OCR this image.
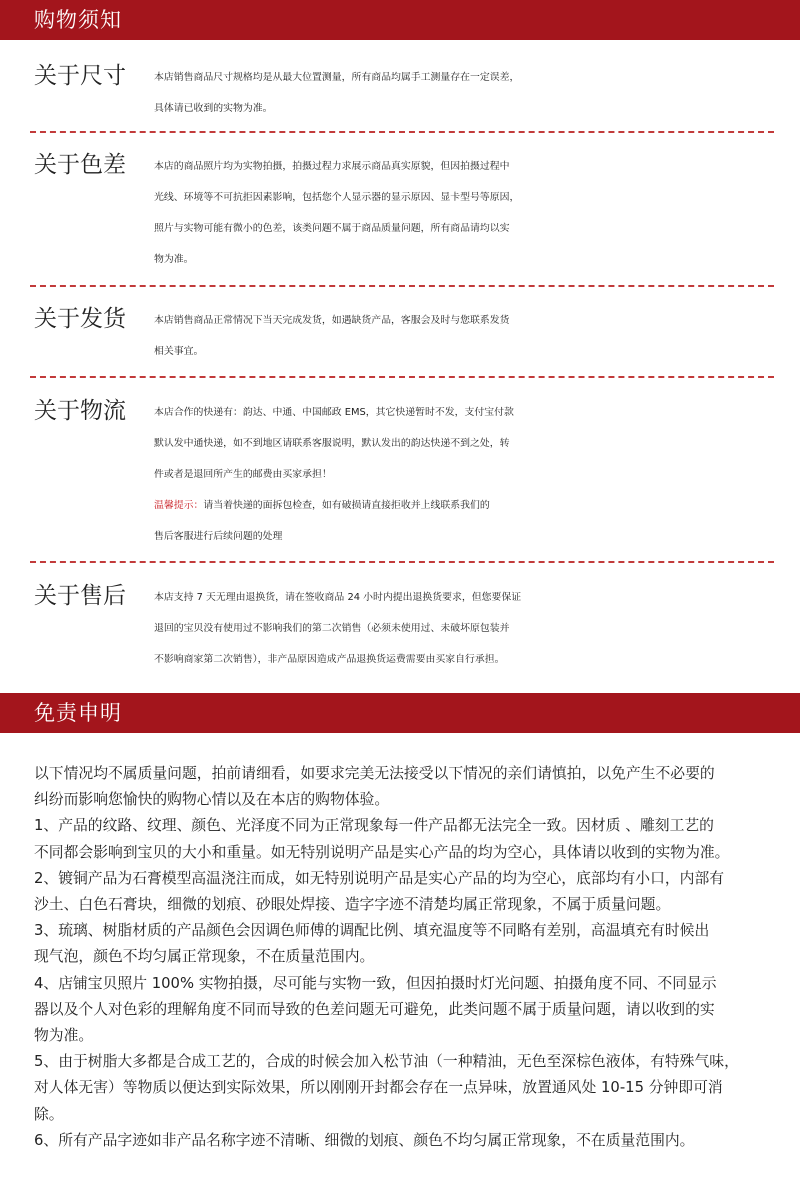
购物须知
关于尺寸	本店销售商品尺寸规格均是从最大位置测量，所有商品均属手工测量存在一定误差，

具体请已收到的实物为准。

关于色差	本店的商品照片均为实物拍摄，拍摄过程力求展示商品真实原貌，但因拍摄过程中

光线、环境等不可抗拒因素影响，包括您个人显示器的显示原因、显卡型号等原因，

照片与实物可能有微小的色差，该类问题不属于商品质量问题，所有商品请均以实

物为准。

关于发货	本店销售商品正常情况下当天完成发货，如遇缺货产品，客服会及时与您联系发货

相关事宜。

关于物流	本店合作的快递有：韵达、中通、中国邮政 EMS，其它快递暂时不发，支付宝付款

默认发中通快递，如不到地区请联系客服说明，默认发出的韵达快递不到之处，转

件或者是退回所产生的邮费由买家承担！

温馨提示：请当着快递的面拆包检查，如有破损请直接拒收并上线联系我们的

售后客服进行后续问题的处理

关于售后	本店支持 7 天无理由退换货，请在签收商品 24 小时内提出退换货要求，但您要保证

退回的宝贝没有使用过不影响我们的第二次销售（必须未使用过、未破坏原包装并

不影响商家第二次销售），非产品原因造成产品退换货运费需要由买家自行承担。

免责申明

以下情况均不属质量问题，拍前请细看，如要求完美无法接受以下情况的亲们请慎拍，以免产生不必要的

纠纷而影响您愉快的购物心情以及在本店的购物体验。

1、产品的纹路、纹理、颜色、光泽度不同为正常现象每一件产品都无法完全一致。因材质 、雕刻工艺的

不同都会影响到宝贝的大小和重量。如无特别说明产品是实心产品的均为空心，具体请以收到的实物为准。

2、镀铜产品为石膏模型高温浇注而成，如无特别说明产品是实心产品的均为空心，底部均有小口，内部有

沙土、白色石膏块，细微的划痕、砂眼处焊接、造字字迹不清楚均属正常现象，不属于质量问题。

3、琉璃、树脂材质的产品颜色会因调色师傅的调配比例、填充温度等不同略有差别，高温填充有时候出

现气泡，颜色不均匀属正常现象，不在质量范围内。

4、店铺宝贝照片 100% 实物拍摄，尽可能与实物一致，但因拍摄时灯光问题、拍摄角度不同、不同显示

器以及个人对色彩的理解角度不同而导致的色差问题无可避免，此类问题不属于质量问题，请以收到的实

物为准。

5、由于树脂大多都是合成工艺的，合成的时候会加入松节油（一种精油，无色至深棕色液体，有特殊气味，

对人体无害）等物质以便达到实际效果，所以刚刚开封都会存在一点异味，放置通风处 10-15 分钟即可消

除。

6、所有产品字迹如非产品名称字迹不清晰、细微的划痕、颜色不均匀属正常现象，不在质量范围内。
